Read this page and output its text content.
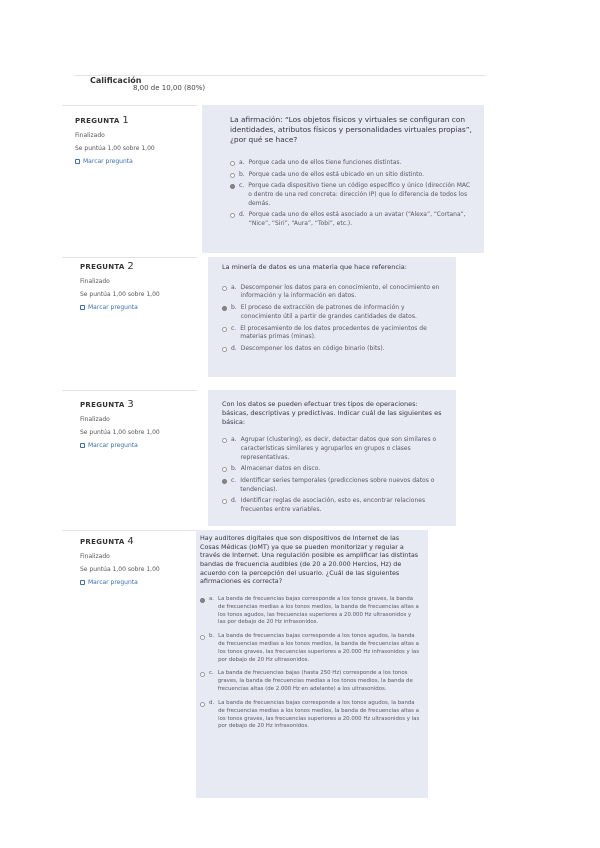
Calificación
8,00 de 10,00 (80%)
PREGUNTA 1
Finalizado
Se puntúa 1,00 sobre 1,00
Marcar pregunta

La afirmación: “Los objetos físicos y virtuales se configuran con identidades, atributos físicos y personalidades virtuales propias”, ¿por qué se hace?

a. Porque cada uno de ellos tiene funciones distintas.
b. Porque cada uno de ellos está ubicado en un sitio distinto.
c. Porque cada dispositivo tiene un código específico y único (dirección MAC o dentro de una red concreta: dirección IP) que lo diferencia de todos los demás.
d. Porque cada uno de ellos está asociado a un avatar (“Alexa”, “Cortana”, “Nice”, “Siri”, “Aura”, “Tobi”, etc.).
PREGUNTA 2
Finalizado
Se puntúa 1,00 sobre 1,00
Marcar pregunta

La minería de datos es una materia que hace referencia:

a. Descomponer los datos para en conocimiento, el conocimiento en información y la información en datos.
b. El proceso de extracción de patrones de información y conocimiento útil a partir de grandes cantidades de datos.
c. El procesamiento de los datos procedentes de yacimientos de materias primas (minas).
d. Descomponer los datos en código binario (bits).
PREGUNTA 3
Finalizado
Se puntúa 1,00 sobre 1,00
Marcar pregunta

Con los datos se pueden efectuar tres tipos de operaciones: básicas, descriptivas y predictivas. Indicar cuál de las siguientes es básica:

a. Agrupar (clustering), es decir, detectar datos que son similares o características similares y agruparlos en grupos o clases representativas.
b. Almacenar datos en disco.
c. Identificar series temporales (predicciones sobre nuevos datos o tendencias).
d. Identificar reglas de asociación, esto es, encontrar relaciones frecuentes entre variables.
PREGUNTA 4
Finalizado
Se puntúa 1,00 sobre 1,00
Marcar pregunta

Hay auditores digitales que son dispositivos de Internet de las Cosas Médicas (IoMT) ya que se pueden monitorizar y regular a través de Internet. Una regulación posible es amplificar las distintas bandas de frecuencia audibles (de 20 a 20.000 Hercios, Hz) de acuerdo con la percepción del usuario. ¿Cuál de las siguientes afirmaciones es correcta?

a. La banda de frecuencias bajas corresponde a los tonos graves, la banda de frecuencias medias a los tonos medios, la banda de frecuencias altas a los tonos agudos, las frecuencias superiores a 20.000 Hz ultrasonidos y las por debajo de 20 Hz infrasonidos.
b. La banda de frecuencias bajas corresponde a los tonos agudos, la banda de frecuencias medias a los tonos medios, la banda de frecuencias altas a los tonos graves, las frecuencias superiores a 20.000 Hz infrasonidos y las por debajo de 20 Hz ultrasonidos.
c. La banda de frecuencias bajas (hasta 250 Hz) corresponde a los tonos graves, la banda de frecuencias medias a los tonos medios, la banda de frecuencias altas (de 2.000 Hz en adelante) a los ultrasonidos.
d. La banda de frecuencias bajas corresponde a los tonos agudos, la banda de frecuencias medias a los tonos medios, la banda de frecuencias altas a los tonos graves, las frecuencias superiores a 20.000 Hz ultrasonidos y las por debajo de 20 Hz infrasonidos.
